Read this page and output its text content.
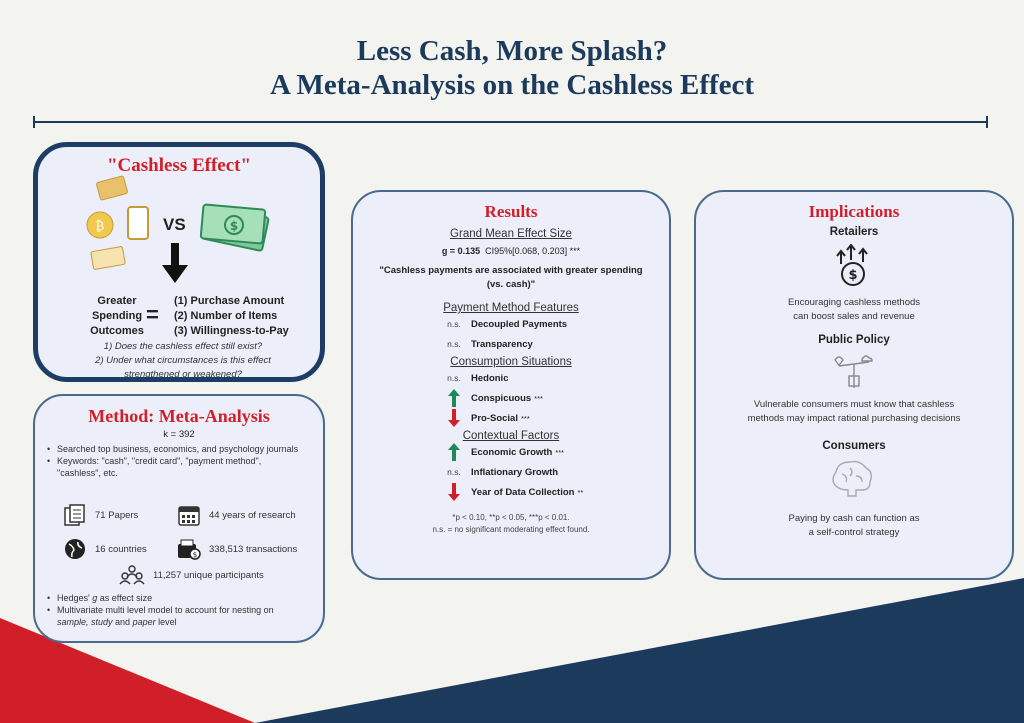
Less Cash, More Splash?
A Meta-Analysis on the Cashless Effect
"Cashless Effect"
₿	VS	$
Greater
Spending
Outcomes
=
(1) Purchase Amount
(2) Number of Items
(3) Willingness-to-Pay
1) Does the cashless effect still exist?
2) Under what circumstances is this effect
strengthened or weakened?
Method: Meta-Analysis
k = 392
• Searched top business, economics, and psychology journals
• Keywords: "cash", "credit card", "payment method",
"cashless", etc.
71 Papers	44 years of research
16 countries
$
338,513 transactions
11,257 unique participants
• Hedges' g as effect size
• Multivariate multi level model to account for nesting on
sample, study and paper level
Results
Grand Mean Effect Size
g = 0.135 CI95%[0.068, 0.203] ***
"Cashless payments are associated with greater spending (vs. cash)"
Payment Method Features
n.s.	Decoupled Payments
n.s.	Transparency
Consumption Situations
n.s.	Hedonic
Conspicuous ***
Pro-Social ***
Contextual Factors
Economic Growth ***
n.s.	Inflationary Growth
Year of Data Collection **
*p < 0.10, **p < 0.05, ***p < 0.01.
n.s. = no significant moderating effect found.
Implications
Retailers
$
Encouraging cashless methods
can boost sales and revenue
Public Policy
Vulnerable consumers must know that cashless
methods may impact rational purchasing decisions
Consumers
Paying by cash can function as
a self-control strategy
